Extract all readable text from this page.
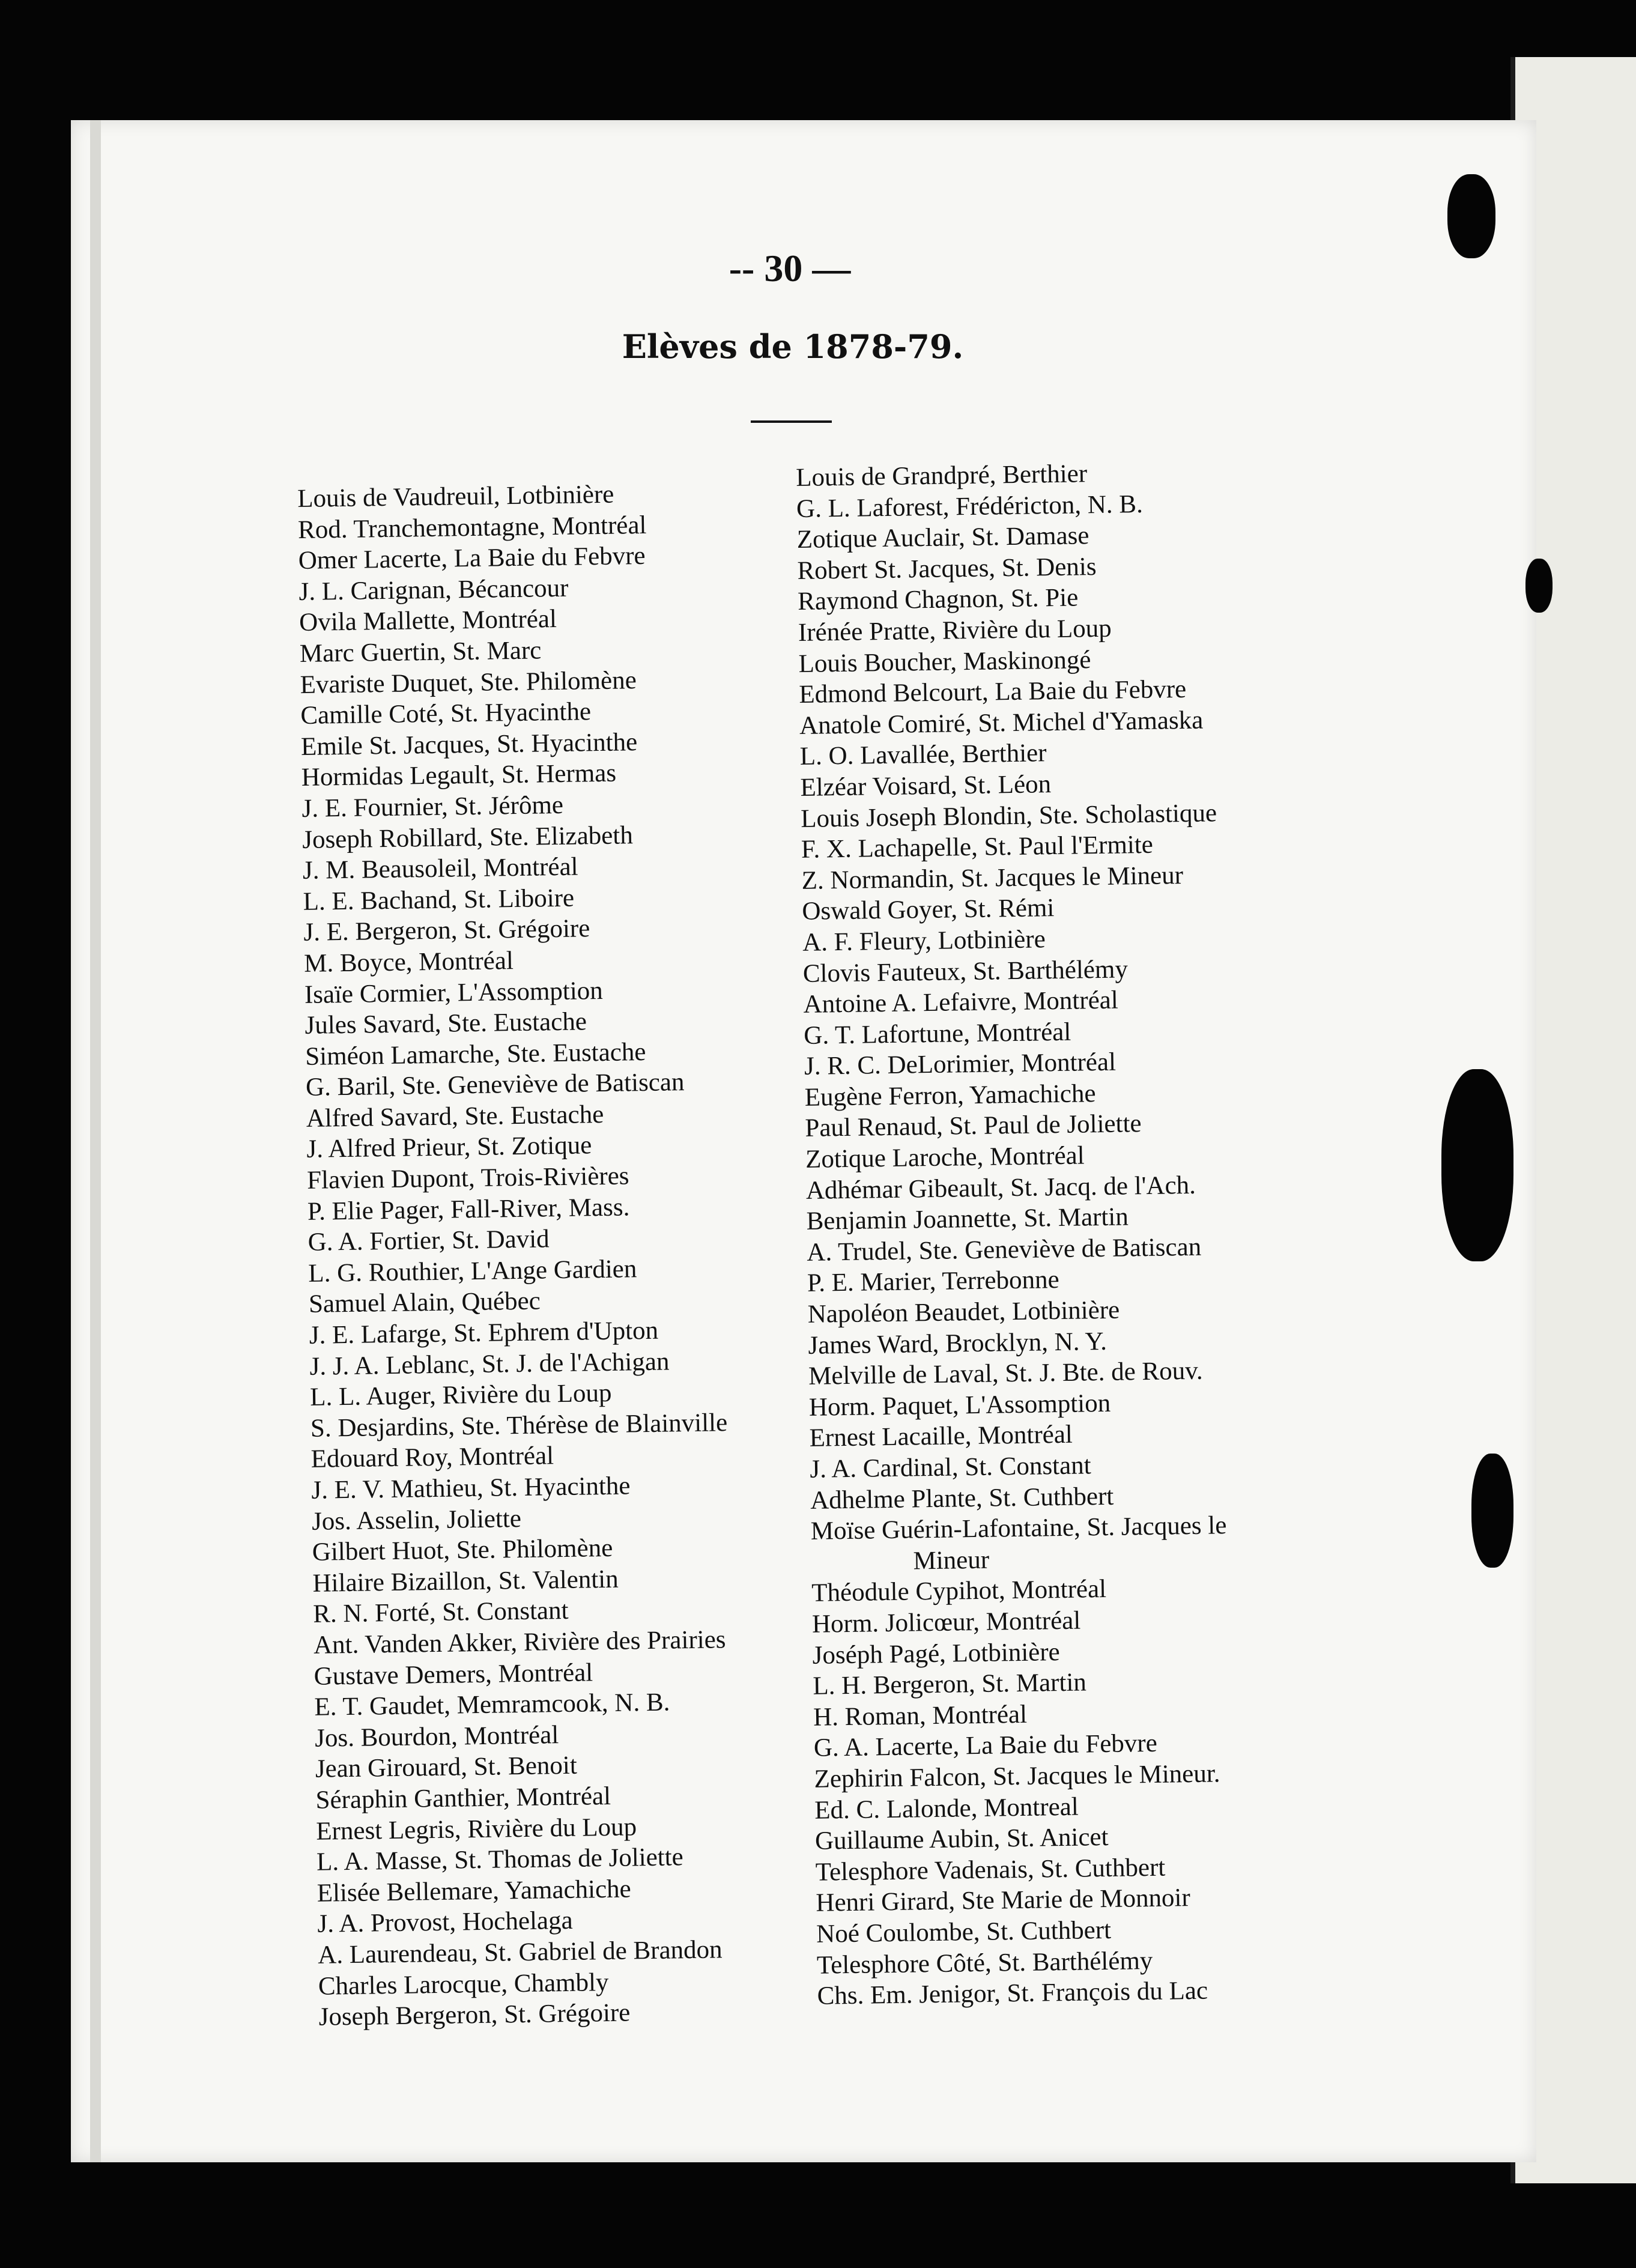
-- 30 —
Elèves de 1878-79.
Louis de Vaudreuil, Lotbinière
Rod. Tranchemontagne, Montréal
Omer Lacerte, La Baie du Febvre
J. L. Carignan, Bécancour
Ovila Mallette, Montréal
Marc Guertin, St. Marc
Evariste Duquet, Ste. Philomène
Camille Coté, St. Hyacinthe
Emile St. Jacques, St. Hyacinthe
Hormidas Legault, St. Hermas
J. E. Fournier, St. Jérôme
Joseph Robillard, Ste. Elizabeth
J. M. Beausoleil, Montréal
L. E. Bachand, St. Liboire
J. E. Bergeron, St. Grégoire
M. Boyce, Montréal
Isaïe Cormier, L'Assomption
Jules Savard, Ste. Eustache
Siméon Lamarche, Ste. Eustache
G. Baril, Ste. Geneviève de Batiscan
Alfred Savard, Ste. Eustache
J. Alfred Prieur, St. Zotique
Flavien Dupont, Trois-Rivières
P. Elie Pager, Fall-River, Mass.
G. A. Fortier, St. David
L. G. Routhier, L'Ange Gardien
Samuel Alain, Québec
J. E. Lafarge, St. Ephrem d'Upton
J. J. A. Leblanc, St. J. de l'Achigan
L. L. Auger, Rivière du Loup
S. Desjardins, Ste. Thérèse de Blainville
Edouard Roy, Montréal
J. E. V. Mathieu, St. Hyacinthe
Jos. Asselin, Joliette
Gilbert Huot, Ste. Philomène
Hilaire Bizaillon, St. Valentin
R. N. Forté, St. Constant
Ant. Vanden Akker, Rivière des Prairies
Gustave Demers, Montréal
E. T. Gaudet, Memramcook, N. B.
Jos. Bourdon, Montréal
Jean Girouard, St. Benoit
Séraphin Ganthier, Montréal
Ernest Legris, Rivière du Loup
L. A. Masse, St. Thomas de Joliette
Elisée Bellemare, Yamachiche
J. A. Provost, Hochelaga
A. Laurendeau, St. Gabriel de Brandon
Charles Larocque, Chambly
Joseph Bergeron, St. Grégoire
Louis de Grandpré, Berthier
G. L. Laforest, Frédéricton, N. B.
Zotique Auclair, St. Damase
Robert St. Jacques, St. Denis
Raymond Chagnon, St. Pie
Irénée Pratte, Rivière du Loup
Louis Boucher, Maskinongé
Edmond Belcourt, La Baie du Febvre
Anatole Comiré, St. Michel d'Yamaska
L. O. Lavallée, Berthier
Elzéar Voisard, St. Léon
Louis Joseph Blondin, Ste. Scholastique
F. X. Lachapelle, St. Paul l'Ermite
Z. Normandin, St. Jacques le Mineur
Oswald Goyer, St. Rémi
A. F. Fleury, Lotbinière
Clovis Fauteux, St. Barthélémy
Antoine A. Lefaivre, Montréal
G. T. Lafortune, Montréal
J. R. C. DeLorimier, Montréal
Eugène Ferron, Yamachiche
Paul Renaud, St. Paul de Joliette
Zotique Laroche, Montréal
Adhémar Gibeault, St. Jacq. de l'Ach.
Benjamin Joannette, St. Martin
A. Trudel, Ste. Geneviève de Batiscan
P. E. Marier, Terrebonne
Napoléon Beaudet, Lotbinière
James Ward, Brocklyn, N. Y.
Melville de Laval, St. J. Bte. de Rouv.
Horm. Paquet, L'Assomption
Ernest Lacaille, Montréal
J. A. Cardinal, St. Constant
Adhelme Plante, St. Cuthbert
Moïse Guérin-Lafontaine, St. Jacques le
Mineur
Théodule Cypihot, Montréal
Horm. Jolicœur, Montréal
Joséph Pagé, Lotbinière
L. H. Bergeron, St. Martin
H. Roman, Montréal
G. A. Lacerte, La Baie du Febvre
Zephirin Falcon, St. Jacques le Mineur.
Ed. C. Lalonde, Montreal
Guillaume Aubin, St. Anicet
Telesphore Vadenais, St. Cuthbert
Henri Girard, Ste Marie de Monnoir
Noé Coulombe, St. Cuthbert
Telesphore Côté, St. Barthélémy
Chs. Em. Jenigor, St. François du Lac
